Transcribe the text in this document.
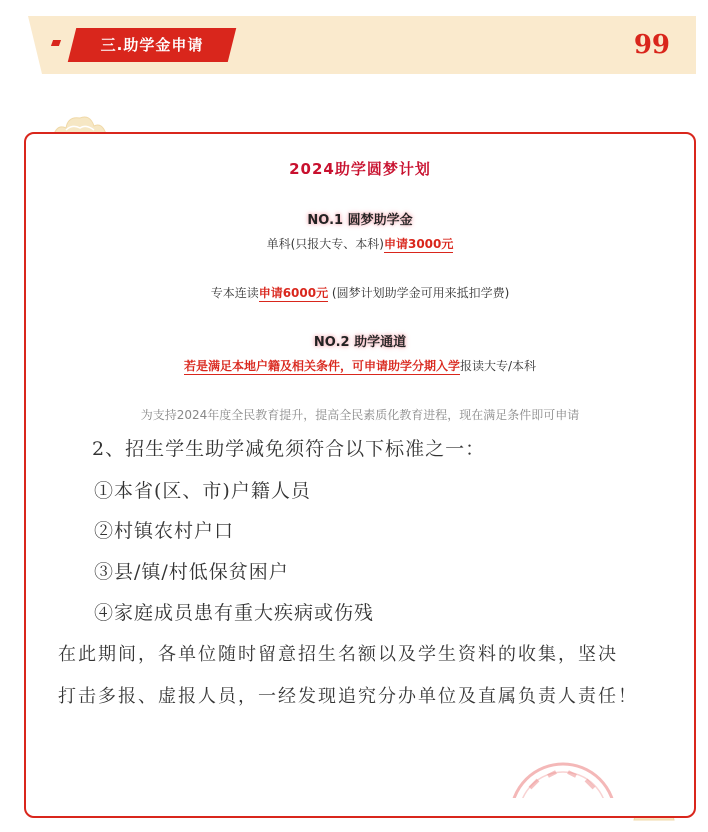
三.助学金申请	99
2024助学圆梦计划
NO.1 圆梦助学金
单科(只报大专、本科)申请3000元
专本连读申请6000元 (圆梦计划助学金可用来抵扣学费)
NO.2 助学通道
若是满足本地户籍及相关条件，可申请助学分期入学报读大专/本科
为支持2024年度全民教育提升，提高全民素质化教育进程，现在满足条件即可申请
2、招生学生助学减免须符合以下标准之一：
①本省(区、市)户籍人员
②村镇农村户口
③县/镇/村低保贫困户
④家庭成员患有重大疾病或伤残
在此期间，各单位随时留意招生名额以及学生资料的收集，坚决
打击多报、虚报人员，一经发现追究分办单位及直属负责人责任！
